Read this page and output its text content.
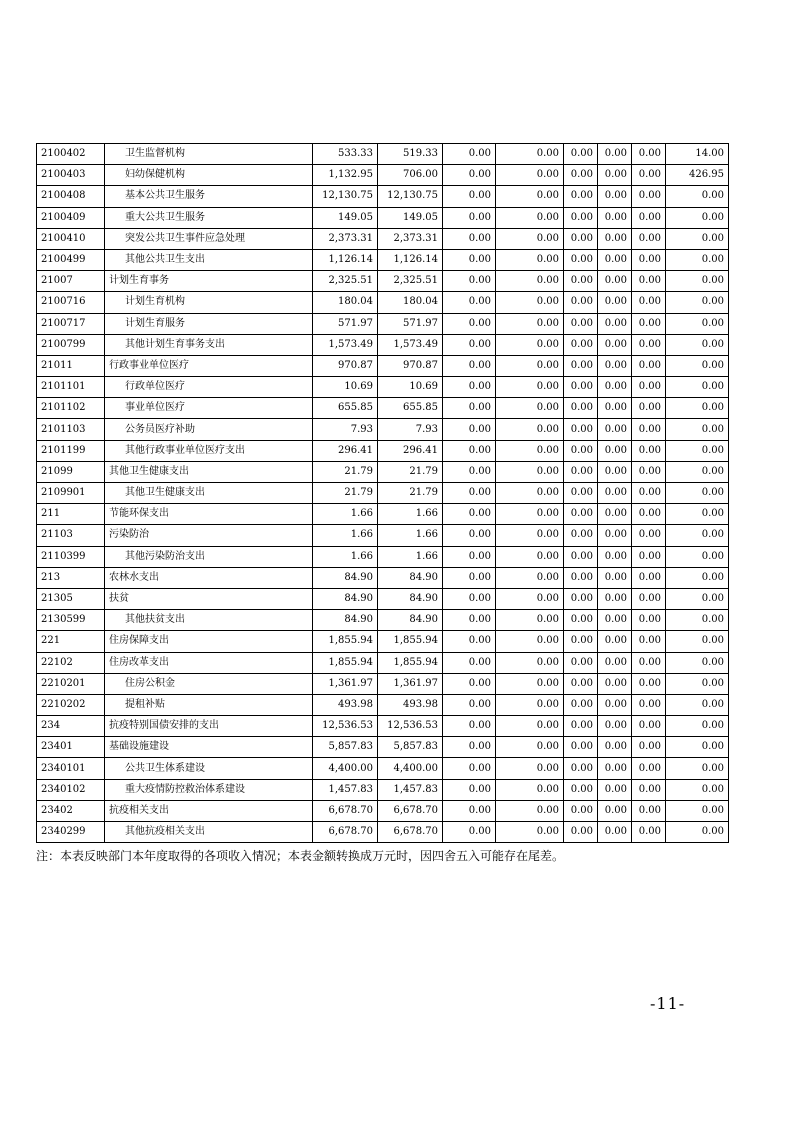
2100402	卫生监督机构	533.33	519.33	0.00	0.00	0.00	0.00	0.00	14.00
2100403	妇幼保健机构	1,132.95	706.00	0.00	0.00	0.00	0.00	0.00	426.95
2100408	基本公共卫生服务	12,130.75	12,130.75	0.00	0.00	0.00	0.00	0.00	0.00
2100409	重大公共卫生服务	149.05	149.05	0.00	0.00	0.00	0.00	0.00	0.00
2100410	突发公共卫生事件应急处理	2,373.31	2,373.31	0.00	0.00	0.00	0.00	0.00	0.00
2100499	其他公共卫生支出	1,126.14	1,126.14	0.00	0.00	0.00	0.00	0.00	0.00
21007	计划生育事务	2,325.51	2,325.51	0.00	0.00	0.00	0.00	0.00	0.00
2100716	计划生育机构	180.04	180.04	0.00	0.00	0.00	0.00	0.00	0.00
2100717	计划生育服务	571.97	571.97	0.00	0.00	0.00	0.00	0.00	0.00
2100799	其他计划生育事务支出	1,573.49	1,573.49	0.00	0.00	0.00	0.00	0.00	0.00
21011	行政事业单位医疗	970.87	970.87	0.00	0.00	0.00	0.00	0.00	0.00
2101101	行政单位医疗	10.69	10.69	0.00	0.00	0.00	0.00	0.00	0.00
2101102	事业单位医疗	655.85	655.85	0.00	0.00	0.00	0.00	0.00	0.00
2101103	公务员医疗补助	7.93	7.93	0.00	0.00	0.00	0.00	0.00	0.00
2101199	其他行政事业单位医疗支出	296.41	296.41	0.00	0.00	0.00	0.00	0.00	0.00
21099	其他卫生健康支出	21.79	21.79	0.00	0.00	0.00	0.00	0.00	0.00
2109901	其他卫生健康支出	21.79	21.79	0.00	0.00	0.00	0.00	0.00	0.00
211	节能环保支出	1.66	1.66	0.00	0.00	0.00	0.00	0.00	0.00
21103	污染防治	1.66	1.66	0.00	0.00	0.00	0.00	0.00	0.00
2110399	其他污染防治支出	1.66	1.66	0.00	0.00	0.00	0.00	0.00	0.00
213	农林水支出	84.90	84.90	0.00	0.00	0.00	0.00	0.00	0.00
21305	扶贫	84.90	84.90	0.00	0.00	0.00	0.00	0.00	0.00
2130599	其他扶贫支出	84.90	84.90	0.00	0.00	0.00	0.00	0.00	0.00
221	住房保障支出	1,855.94	1,855.94	0.00	0.00	0.00	0.00	0.00	0.00
22102	住房改革支出	1,855.94	1,855.94	0.00	0.00	0.00	0.00	0.00	0.00
2210201	住房公积金	1,361.97	1,361.97	0.00	0.00	0.00	0.00	0.00	0.00
2210202	提租补贴	493.98	493.98	0.00	0.00	0.00	0.00	0.00	0.00
234	抗疫特别国债安排的支出	12,536.53	12,536.53	0.00	0.00	0.00	0.00	0.00	0.00
23401	基础设施建设	5,857.83	5,857.83	0.00	0.00	0.00	0.00	0.00	0.00
2340101	公共卫生体系建设	4,400.00	4,400.00	0.00	0.00	0.00	0.00	0.00	0.00
2340102	重大疫情防控救治体系建设	1,457.83	1,457.83	0.00	0.00	0.00	0.00	0.00	0.00
23402	抗疫相关支出	6,678.70	6,678.70	0.00	0.00	0.00	0.00	0.00	0.00
2340299	其他抗疫相关支出	6,678.70	6,678.70	0.00	0.00	0.00	0.00	0.00	0.00
注：本表反映部门本年度取得的各项收入情况；本表金额转换成万元时，因四舍五入可能存在尾差。
-11-
